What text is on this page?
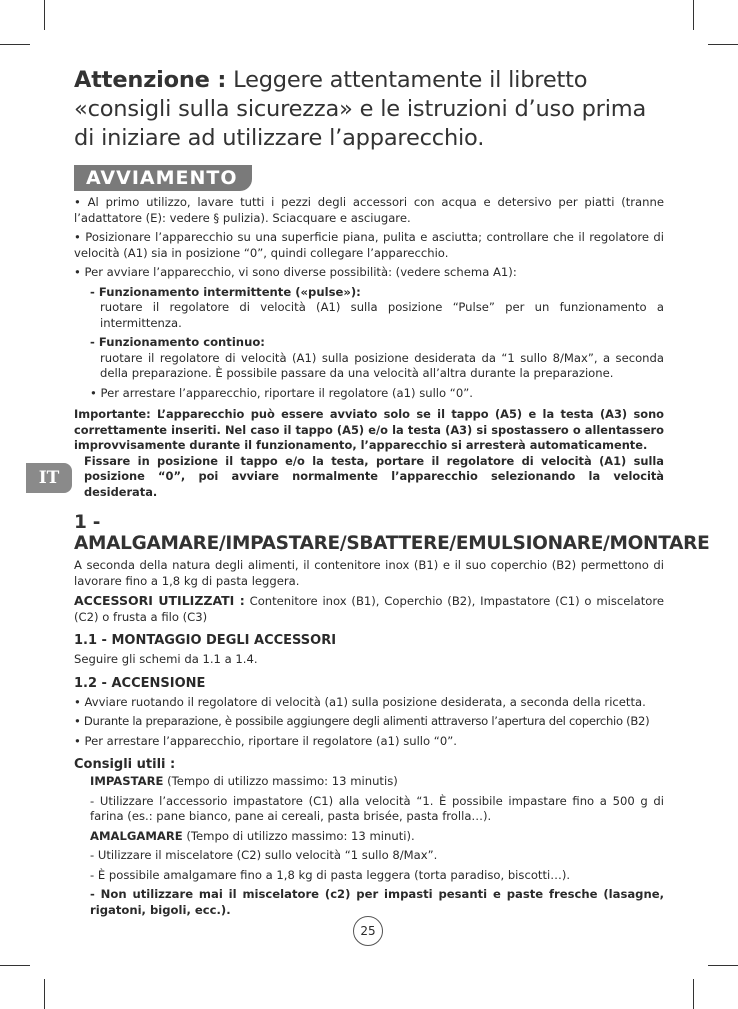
IT
Attenzione : Leggere attentamente il libretto «consigli sulla sicurezza» e le istruzioni d’uso prima di iniziare ad utilizzare l’apparecchio.
AVVIAMENTO
• Al primo utilizzo, lavare tutti i pezzi degli accessori con acqua e detersivo per piatti (tranne l’adattatore (E): vedere § pulizia). Sciacquare e asciugare.
• Posizionare l’apparecchio su una superficie piana, pulita e asciutta; controllare che il regolatore di velocità (A1) sia in posizione “0”, quindi collegare l’apparecchio.
• Per avviare l’apparecchio, vi sono diverse possibilità: (vedere schema A1):
- Funzionamento intermittente («pulse»):
ruotare il regolatore di velocità (A1) sulla posizione “Pulse” per un funzionamento a intermittenza.
- Funzionamento continuo:
ruotare il regolatore di velocità (A1) sulla posizione desiderata da “1 sullo 8/Max”, a seconda della preparazione. È possibile passare da una velocità all’altra durante la preparazione.
• Per arrestare l’apparecchio, riportare il regolatore (a1) sullo “0”.
Importante: L’apparecchio può essere avviato solo se il tappo (A5) e la testa (A3) sono correttamente inseriti. Nel caso il tappo (A5) e/o la testa (A3) si spostassero o allentassero improvvisamente durante il funzionamento, l’apparecchio si arresterà automaticamente.
Fissare in posizione il tappo e/o la testa, portare il regolatore di velocità (A1) sulla posizione “0”, poi avviare normalmente l’apparecchio selezionando la velocità desiderata.
1 - AMALGAMARE/IMPASTARE/SBATTERE/EMULSIONARE/MONTARE
A seconda della natura degli alimenti, il contenitore inox (B1) e il suo coperchio (B2) permettono di lavorare fino a 1,8 kg di pasta leggera.
ACCESSORI UTILIZZATI : Contenitore inox (B1), Coperchio (B2), Impastatore (C1) o miscelatore (C2) o frusta a filo (C3)
1.1 - MONTAGGIO DEGLI ACCESSORI
Seguire gli schemi da 1.1 a 1.4.
1.2 - ACCENSIONE
• Avviare ruotando il regolatore di velocità (a1) sulla posizione desiderata, a seconda della ricetta.
• Durante la preparazione, è possibile aggiungere degli alimenti attraverso l’apertura del coperchio (B2)
• Per arrestare l’apparecchio, riportare il regolatore (a1) sullo “0”.
Consigli utili :
IMPASTARE (Tempo di utilizzo massimo: 13 minutis)
- Utilizzare l’accessorio impastatore (C1) alla velocità “1. È possibile impastare fino a 500 g di farina (es.: pane bianco, pane ai cereali, pasta brisée, pasta frolla…).
AMALGAMARE (Tempo di utilizzo massimo: 13 minuti).
- Utilizzare il miscelatore (C2) sullo velocità “1 sullo 8/Max”.
- È possibile amalgamare fino a 1,8 kg di pasta leggera (torta paradiso, biscotti…).
- Non utilizzare mai il miscelatore (c2) per impasti pesanti e paste fresche (lasagne, rigatoni, bigoli, ecc.).
25
